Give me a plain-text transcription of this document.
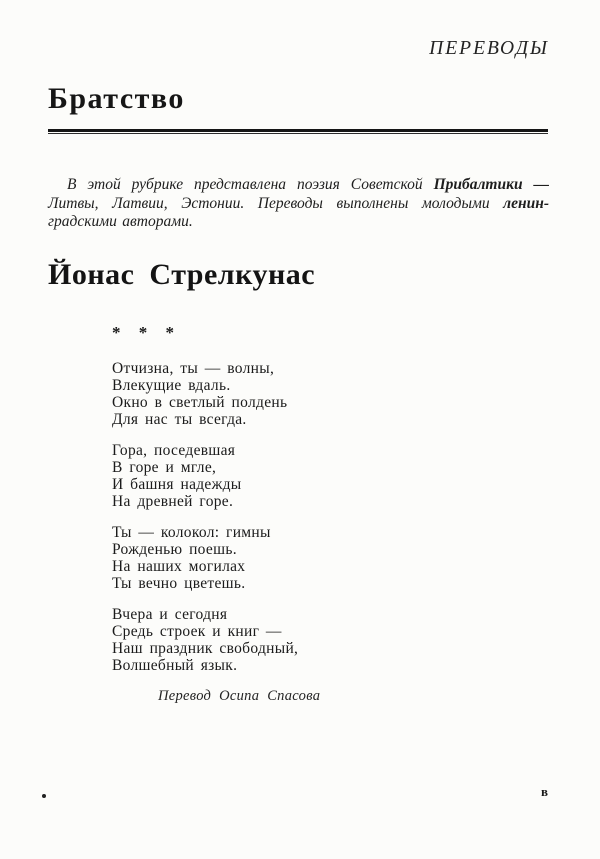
ПЕРЕВОДЫ
Братство
В этой рубрике представлена поэзия Советской Прибалтики —
Литвы, Латвии, Эстонии. Переводы выполнены молодыми ленин-
градскими авторами.
Йонас Стрелкунас
* * *
Отчизна, ты — волны,
Влекущие вдаль.
Окно в светлый полдень
Для нас ты всегда.
Гора, поседевшая
В горе и мгле,
И башня надежды
На древней горе.
Ты — колокол: гимны
Рожденью поешь.
На наших могилах
Ты вечно цветешь.
Вчера и сегодня
Средь строек и книг —
Наш праздник свободный,
Волшебный язык.
Перевод Осипа Спасова
в
